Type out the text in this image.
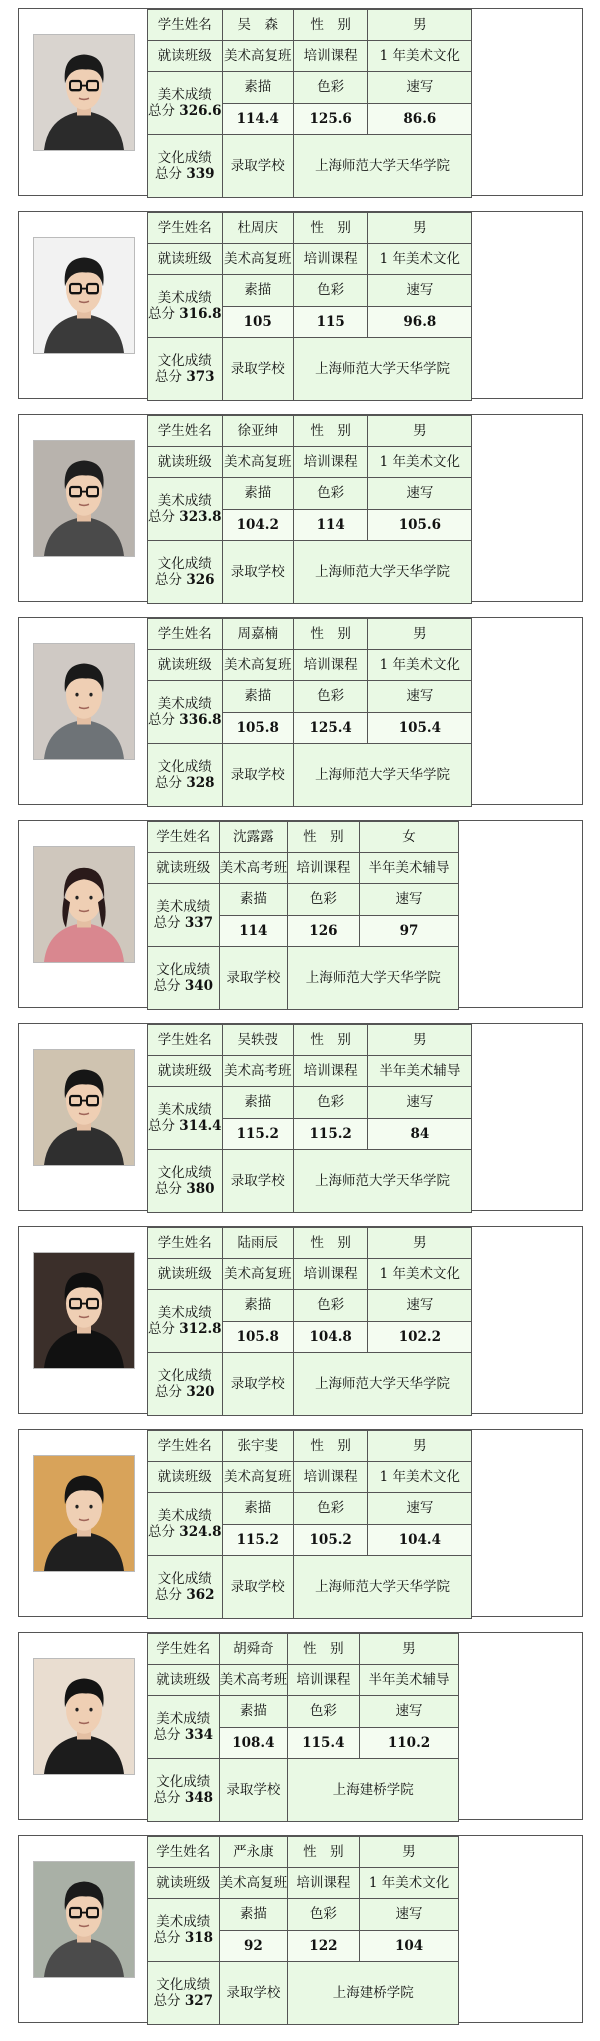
学生姓名	吴　森	性　别	男
就读班级	美术高复班	培训课程	1 年美术文化

美术成绩
总分 326.6	素描	色彩	速写
	114.4	125.6	86.6

文化成绩
总分 339	录取学校	上海师范大学天华学院	
学生姓名	杜周庆	性　别	男
就读班级	美术高复班	培训课程	1 年美术文化

美术成绩
总分 316.8	素描	色彩	速写
	105	115	96.8

文化成绩
总分 373	录取学校	上海师范大学天华学院	
学生姓名	徐亚绅	性　别	男
就读班级	美术高复班	培训课程	1 年美术文化

美术成绩
总分 323.8	素描	色彩	速写
	104.2	114	105.6

文化成绩
总分 326	录取学校	上海师范大学天华学院	
学生姓名	周嘉楠	性　别	男
就读班级	美术高复班	培训课程	1 年美术文化

美术成绩
总分 336.8	素描	色彩	速写
	105.8	125.4	105.4

文化成绩
总分 328	录取学校	上海师范大学天华学院	
学生姓名	沈露露	性　别	女
就读班级	美术高考班	培训课程	半年美术辅导

美术成绩
总分 337	素描	色彩	速写
	114	126	97

文化成绩
总分 340	录取学校	上海师范大学天华学院	
学生姓名	吴轶弢	性　别	男
就读班级	美术高考班	培训课程	半年美术辅导

美术成绩
总分 314.4	素描	色彩	速写
	115.2	115.2	84

文化成绩
总分 380	录取学校	上海师范大学天华学院	
学生姓名	陆雨辰	性　别	男
就读班级	美术高复班	培训课程	1 年美术文化

美术成绩
总分 312.8	素描	色彩	速写
	105.8	104.8	102.2

文化成绩
总分 320	录取学校	上海师范大学天华学院	
学生姓名	张宇斐	性　别	男
就读班级	美术高复班	培训课程	1 年美术文化

美术成绩
总分 324.8	素描	色彩	速写
	115.2	105.2	104.4

文化成绩
总分 362	录取学校	上海师范大学天华学院	
学生姓名	胡舜奇	性　别	男
就读班级	美术高考班	培训课程	半年美术辅导

美术成绩
总分 334	素描	色彩	速写
	108.4	115.4	110.2

文化成绩
总分 348	录取学校	上海建桥学院	
学生姓名	严永康	性　别	男
就读班级	美术高复班	培训课程	1 年美术文化

美术成绩
总分 318	素描	色彩	速写
	92	122	104

文化成绩
总分 327	录取学校	上海建桥学院	
